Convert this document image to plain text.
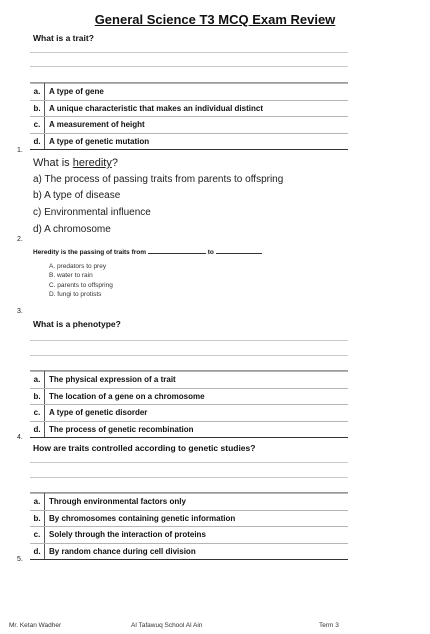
General Science T3 MCQ Exam Review
What is a trait?
a.	A type of gene
b.	A unique characteristic that makes an individual distinct
c.	A measurement of height
d.	A type of genetic mutation
1.
What is heredity?
a) The process of passing traits from parents to offspring
b) A type of disease
c) Environmental influence
d) A chromosome
2.
Heredity is the passing of traits from	to
A. predators to prey
B. water to rain
C. parents to offspring
D. fungi to protists
3.
What is a phenotype?
a.	The physical expression of a trait
b.	The location of a gene on a chromosome
c.	A type of genetic disorder
d.	The process of genetic recombination
4.
How are traits controlled according to genetic studies?
a.	Through environmental factors only
b.	By chromosomes containing genetic information
c.	Solely through the interaction of proteins
d.	By random chance during cell division
5.
Mr. Ketan Wadher	Al Tafawuq School Al Ain	Term 3
